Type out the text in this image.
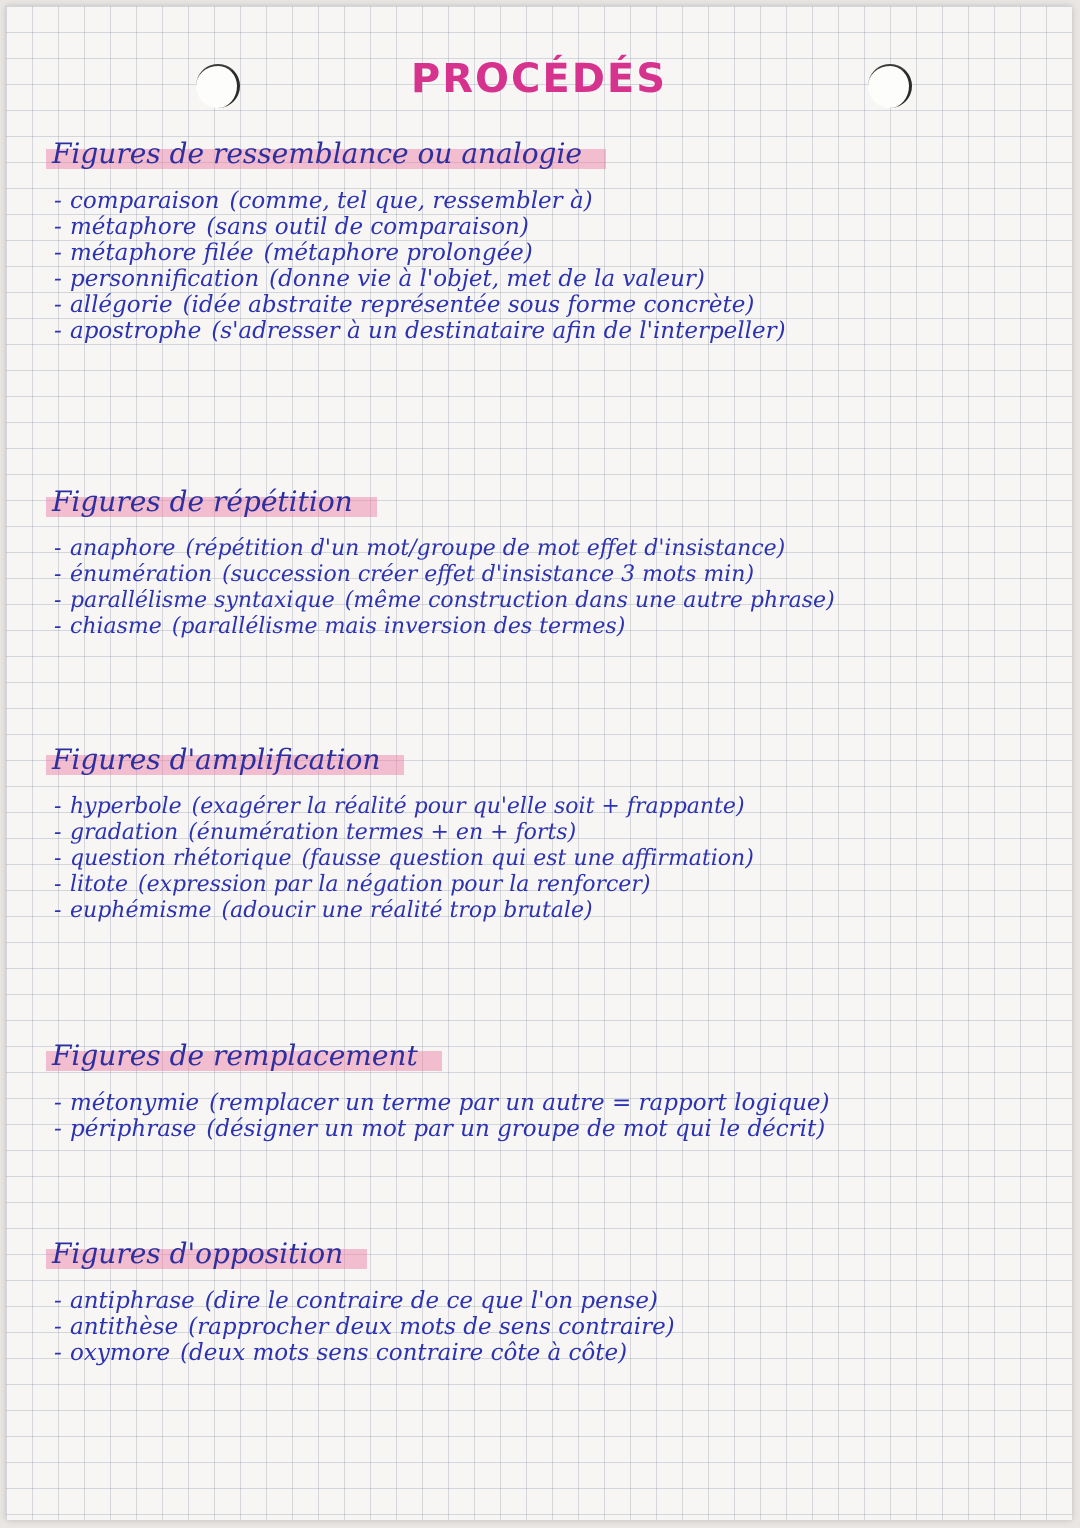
PROCÉDÉS
Figures de ressemblance ou analogie
- comparaison (comme, tel que, ressembler à)
- métaphore (sans outil de comparaison)
- métaphore filée (métaphore prolongée)
- personnification (donne vie à l'objet, met de la valeur)
- allégorie (idée abstraite représentée sous forme concrète)
- apostrophe (s'adresser à un destinataire afin de l'interpeller)
Figures de répétition
- anaphore (répétition d'un mot/groupe de mot effet d'insistance)
- énumération (succession créer effet d'insistance 3 mots min)
- parallélisme syntaxique (même construction dans une autre phrase)
- chiasme (parallélisme mais inversion des termes)
Figures d'amplification
- hyperbole (exagérer la réalité pour qu'elle soit + frappante)
- gradation (énumération termes + en + forts)
- question rhétorique (fausse question qui est une affirmation)
- litote (expression par la négation pour la renforcer)
- euphémisme (adoucir une réalité trop brutale)
Figures de remplacement
- métonymie (remplacer un terme par un autre = rapport logique)
- périphrase (désigner un mot par un groupe de mot qui le décrit)
Figures d'opposition
- antiphrase (dire le contraire de ce que l'on pense)
- antithèse (rapprocher deux mots de sens contraire)
- oxymore (deux mots sens contraire côte à côte)
